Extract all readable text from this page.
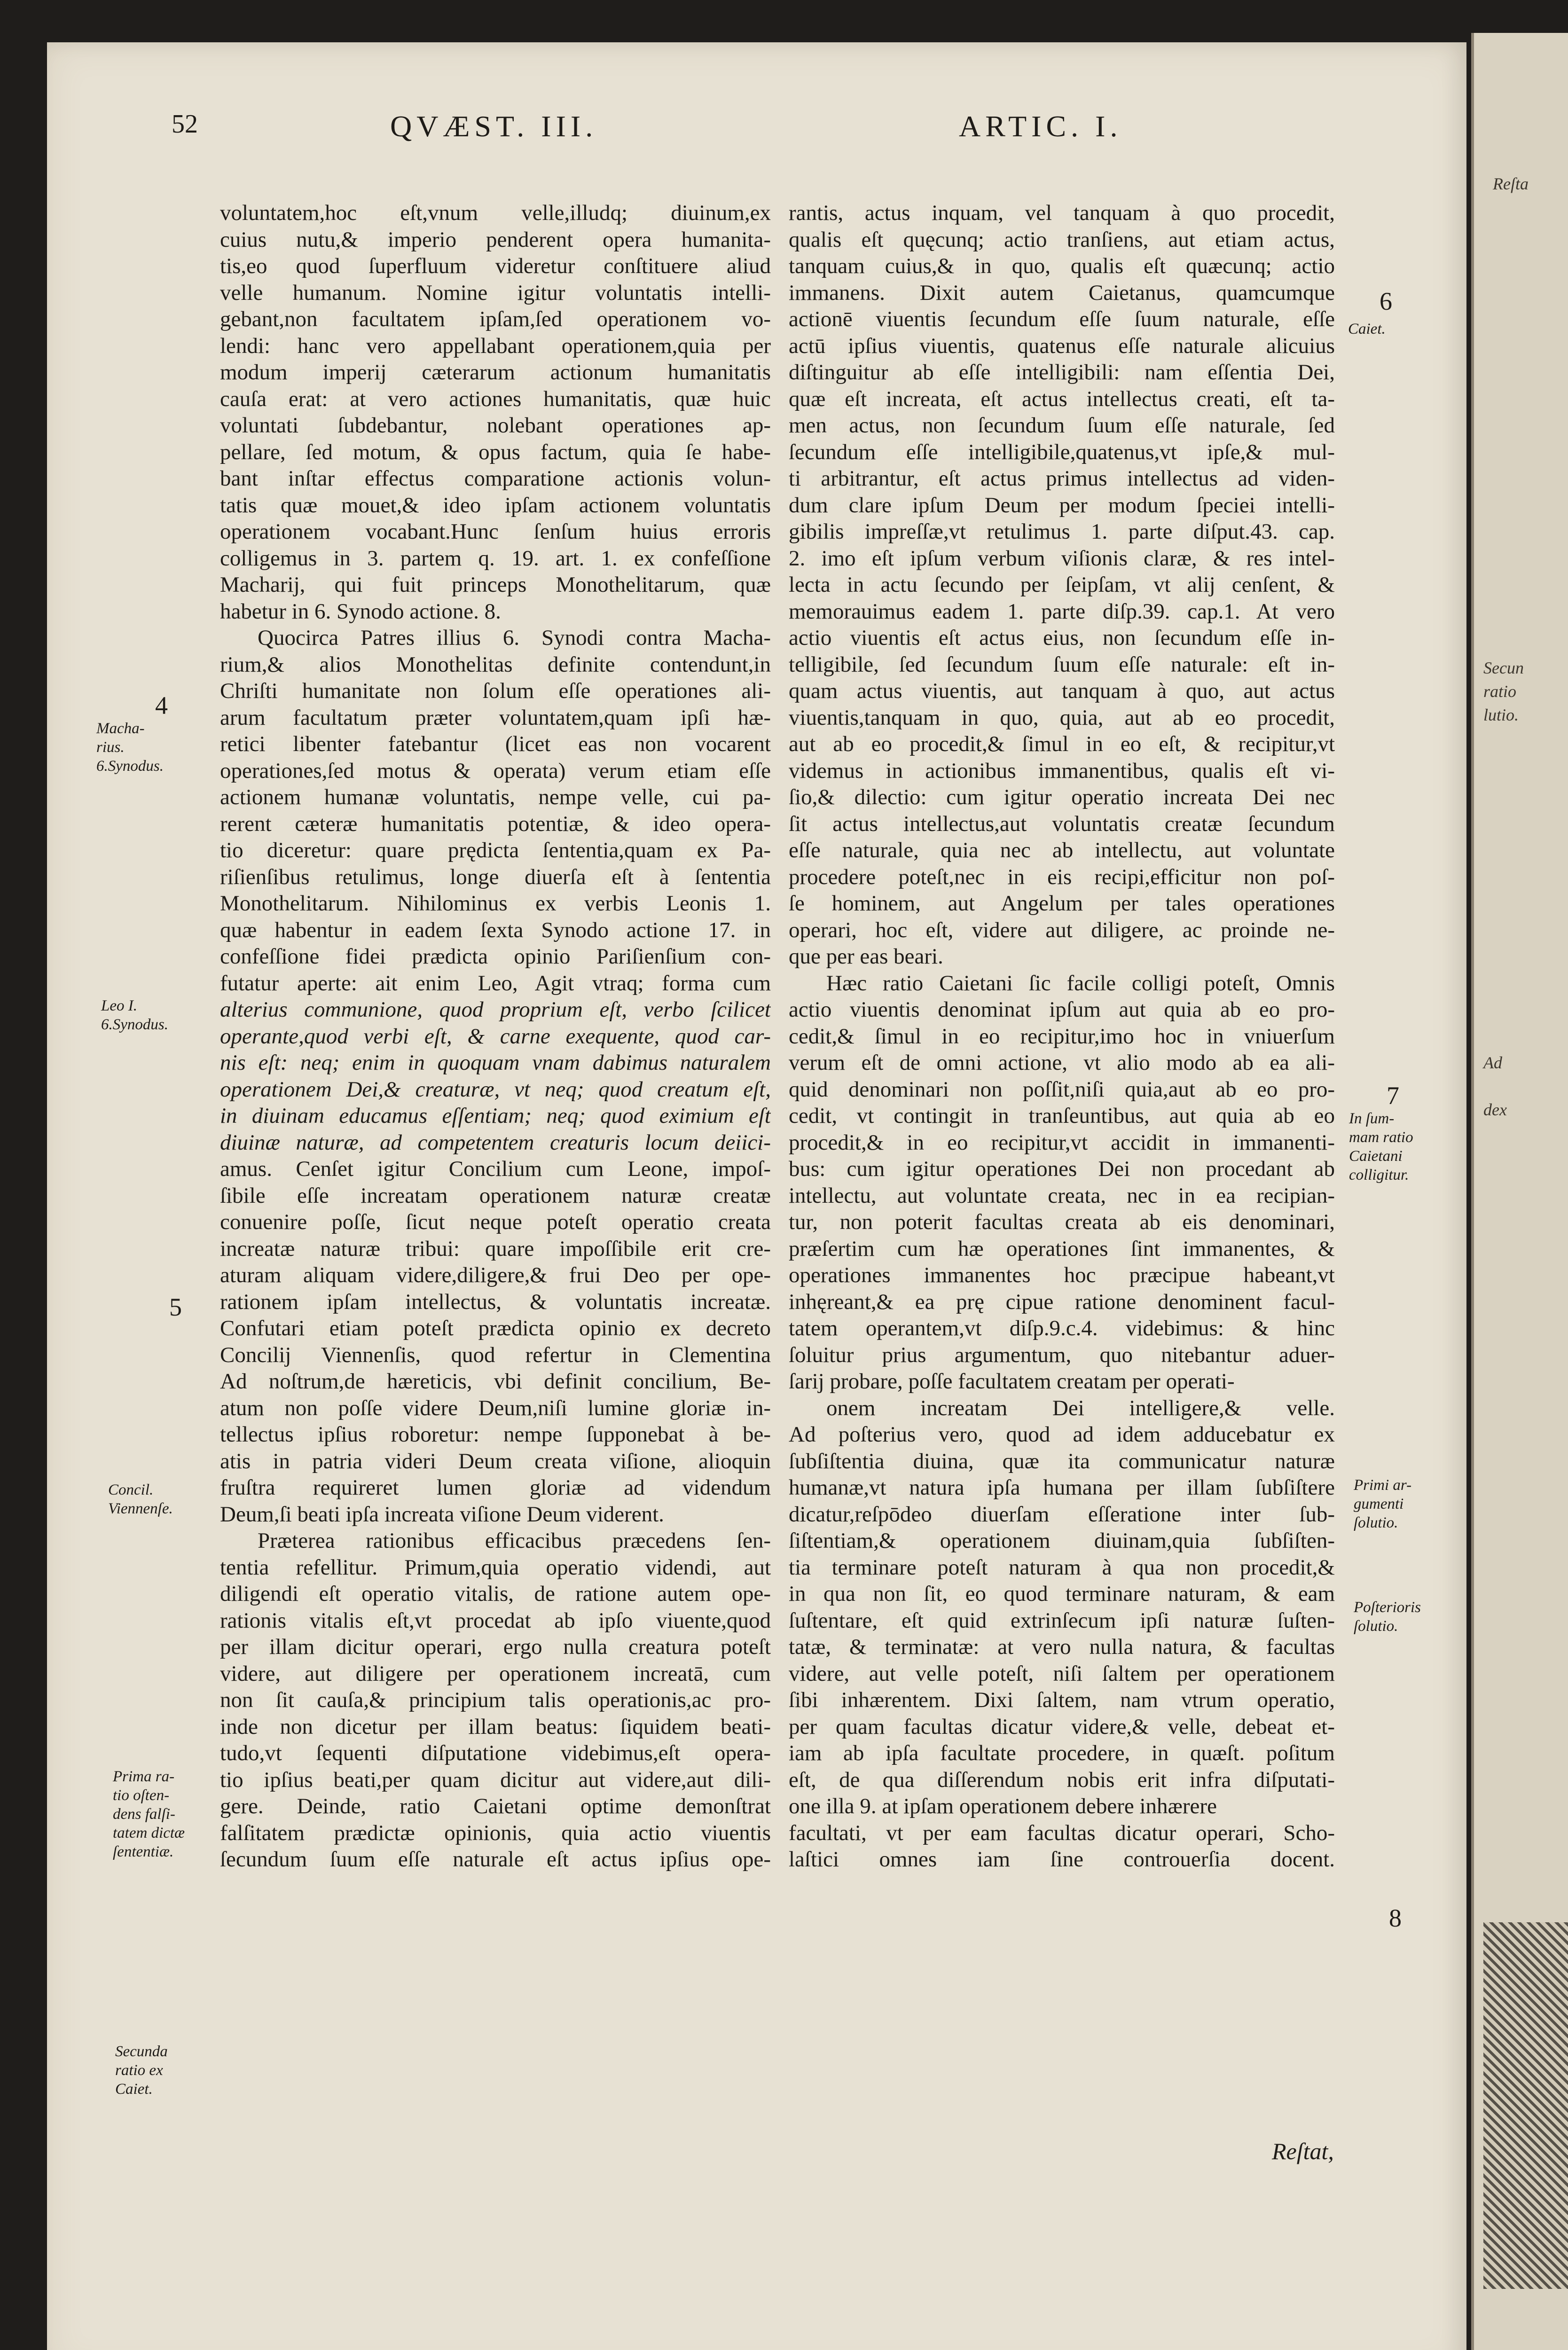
Reſta
Secun
ratio
lutio.
Ad
dex
52	QVÆST. III.	ARTIC. I.
voluntatem,hoc eſt,vnum velle,illudq; diuinum,ex
cuius nutu,& imperio penderent opera humanita-
tis,eo quod ſuperfluum videretur conſtituere aliud
velle humanum. Nomine igitur voluntatis intelli-
gebant,non facultatem ipſam,ſed operationem vo-
lendi: hanc vero appellabant operationem,quia per
modum imperij cæterarum actionum humanitatis
cauſa erat: at vero actiones humanitatis, quæ huic
voluntati ſubdebantur, nolebant operationes ap-
pellare, ſed motum, & opus factum, quia ſe habe-
bant inſtar effectus comparatione actionis volun-
tatis quæ mouet,& ideo ipſam actionem voluntatis
operationem vocabant.Hunc ſenſum huius erroris
colligemus in 3. partem q. 19. art. 1. ex confeſſione
Macharij, qui fuit princeps Monothelitarum, quæ
habetur in 6. Synodo actione. 8.
Quocirca Patres illius 6. Synodi contra Macha-
rium,& alios Monothelitas definite contendunt,in
Chriſti humanitate non ſolum eſſe operationes ali-
arum facultatum præter voluntatem,quam ipſi hæ-
retici libenter fatebantur (licet eas non vocarent
operationes,ſed motus & operata) verum etiam eſſe
actionem humanæ voluntatis, nempe velle, cui pa-
rerent cæteræ humanitatis potentiæ, & ideo opera-
tio diceretur: quare prędicta ſententia,quam ex Pa-
riſienſibus retulimus, longe diuerſa eſt à ſententia
Monothelitarum. Nihilominus ex verbis Leonis 1.
quæ habentur in eadem ſexta Synodo actione 17. in
confeſſione fidei prædicta opinio Pariſienſium con-
futatur aperte: ait enim Leo, Agit vtraq; forma cum
alterius communione, quod proprium eſt, verbo ſcilicet
operante,quod verbi eſt, & carne exequente, quod car-
nis eſt: neq; enim in quoquam vnam dabimus naturalem
operationem Dei,& creaturæ, vt neq; quod creatum eſt,
in diuinam educamus eſſentiam; neq; quod eximium eſt
diuinæ naturæ, ad competentem creaturis locum deiici-
amus. Cenſet igitur Concilium cum Leone, impoſ-
ſibile eſſe increatam operationem naturæ creatæ
conuenire poſſe, ſicut neque poteſt operatio creata
increatæ naturæ tribui: quare impoſſibile erit cre-
aturam aliquam videre,diligere,& frui Deo per ope-
rationem ipſam intellectus, & voluntatis increatæ.
Confutari etiam poteſt prædicta opinio ex decreto
Concilij Viennenſis, quod refertur in Clementina
Ad noſtrum,de hæreticis, vbi definit concilium, Be-
atum non poſſe videre Deum,niſi lumine gloriæ in-
tellectus ipſius roboretur: nempe ſupponebat à be-
atis in patria videri Deum creata viſione, alioquin
fruſtra requireret lumen gloriæ ad videndum
Deum,ſi beati ipſa increata viſione Deum viderent.
Præterea rationibus efficacibus præcedens ſen-
tentia refellitur. Primum,quia operatio videndi, aut
diligendi eſt operatio vitalis, de ratione autem ope-
rationis vitalis eſt,vt procedat ab ipſo viuente,quod
per illam dicitur operari, ergo nulla creatura poteſt
videre, aut diligere per operationem increatā, cum
non ſit cauſa,& principium talis operationis,ac pro-
inde non dicetur per illam beatus: ſiquidem beati-
tudo,vt ſequenti diſputatione videbimus,eſt opera-
tio ipſius beati,per quam dicitur aut videre,aut dili-
gere. Deinde, ratio Caietani optime demonſtrat
falſitatem prædictæ opinionis, quia actio viuentis
ſecundum ſuum eſſe naturale eſt actus ipſius ope-
rantis, actus inquam, vel tanquam à quo procedit,
qualis eſt quęcunq; actio tranſiens, aut etiam actus,
tanquam cuius,& in quo, qualis eſt quæcunq; actio
immanens. Dixit autem Caietanus, quamcumque
actionē viuentis ſecundum eſſe ſuum naturale, eſſe
actū ipſius viuentis, quatenus eſſe naturale alicuius
diſtinguitur ab eſſe intelligibili: nam eſſentia Dei,
quæ eſt increata, eſt actus intellectus creati, eſt ta-
men actus, non ſecundum ſuum eſſe naturale, ſed
ſecundum eſſe intelligibile,quatenus,vt ipſe,& mul-
ti arbitrantur, eſt actus primus intellectus ad viden-
dum clare ipſum Deum per modum ſpeciei intelli-
gibilis impreſſæ,vt retulimus 1. parte diſput.43. cap.
2. imo eſt ipſum verbum viſionis claræ, & res intel-
lecta in actu ſecundo per ſeipſam, vt alij cenſent, &
memorauimus eadem 1. parte diſp.39. cap.1. At vero
actio viuentis eſt actus eius, non ſecundum eſſe in-
telligibile, ſed ſecundum ſuum eſſe naturale: eſt in-
quam actus viuentis, aut tanquam à quo, aut actus
viuentis,tanquam in quo, quia, aut ab eo procedit,
aut ab eo procedit,& ſimul in eo eſt, & recipitur,vt
videmus in actionibus immanentibus, qualis eſt vi-
ſio,& dilectio: cum igitur operatio increata Dei nec
ſit actus intellectus,aut voluntatis creatæ ſecundum
eſſe naturale, quia nec ab intellectu, aut voluntate
procedere poteſt,nec in eis recipi,efficitur non poſ-
ſe hominem, aut Angelum per tales operationes
operari, hoc eſt, videre aut diligere, ac proinde ne-
que per eas beari.
Hæc ratio Caietani ſic facile colligi poteſt, Omnis
actio viuentis denominat ipſum aut quia ab eo pro-
cedit,& ſimul in eo recipitur,imo hoc in vniuerſum
verum eſt de omni actione, vt alio modo ab ea ali-
quid denominari non poſſit,niſi quia,aut ab eo pro-
cedit, vt contingit in tranſeuntibus, aut quia ab eo
procedit,& in eo recipitur,vt accidit in immanenti-
bus: cum igitur operationes Dei non procedant ab
intellectu, aut voluntate creata, nec in ea recipian-
tur, non poterit facultas creata ab eis denominari,
præſertim cum hæ operationes ſint immanentes, &
operationes immanentes hoc præcipue habeant,vt
inhęreant,& ea prę cipue ratione denominent facul-
tatem operantem,vt diſp.9.c.4. videbimus: & hinc
ſoluitur prius argumentum, quo nitebantur aduer-
ſarij probare, poſſe facultatem creatam per operati-
onem increatam Dei intelligere,& velle.
Ad poſterius vero, quod ad idem adducebatur ex
ſubſiſtentia diuina, quæ ita communicatur naturæ
humanæ,vt natura ipſa humana per illam ſubſiſtere
dicatur,reſpōdeo diuerſam eſſeratione inter ſub-
ſiſtentiam,& operationem diuinam,quia ſubſiſten-
tia terminare poteſt naturam à qua non procedit,&
in qua non ſit, eo quod terminare naturam, & eam
ſuſtentare, eſt quid extrinſecum ipſi naturæ ſuſten-
tatæ, & terminatæ: at vero nulla natura, & facultas
videre, aut velle poteſt, niſi ſaltem per operationem
ſibi inhærentem. Dixi ſaltem, nam vtrum operatio,
per quam facultas dicatur videre,& velle, debeat et-
iam ab ipſa facultate procedere, in quæſt. poſitum
eſt, de qua diſſerendum nobis erit infra diſputati-
one illa 9. at ipſam operationem debere inhærere
facultati, vt per eam facultas dicatur operari, Scho-
laſtici omnes iam ſine controuerſia docent.
4
Macha-
rius.
6.Synodus.
Leo I.
6.Synodus.
5
Concil.
Viennenſe.
Prima ra-
tio oſten-
dens falſi-
tatem dictæ
ſententiæ.
Secunda
ratio ex
Caiet.
6
Caiet.
7
In ſum-
mam ratio
Caietani
colligitur.
Primi ar-
gumenti
ſolutio.
Poſterioris
ſolutio.
8
Reſtat,
